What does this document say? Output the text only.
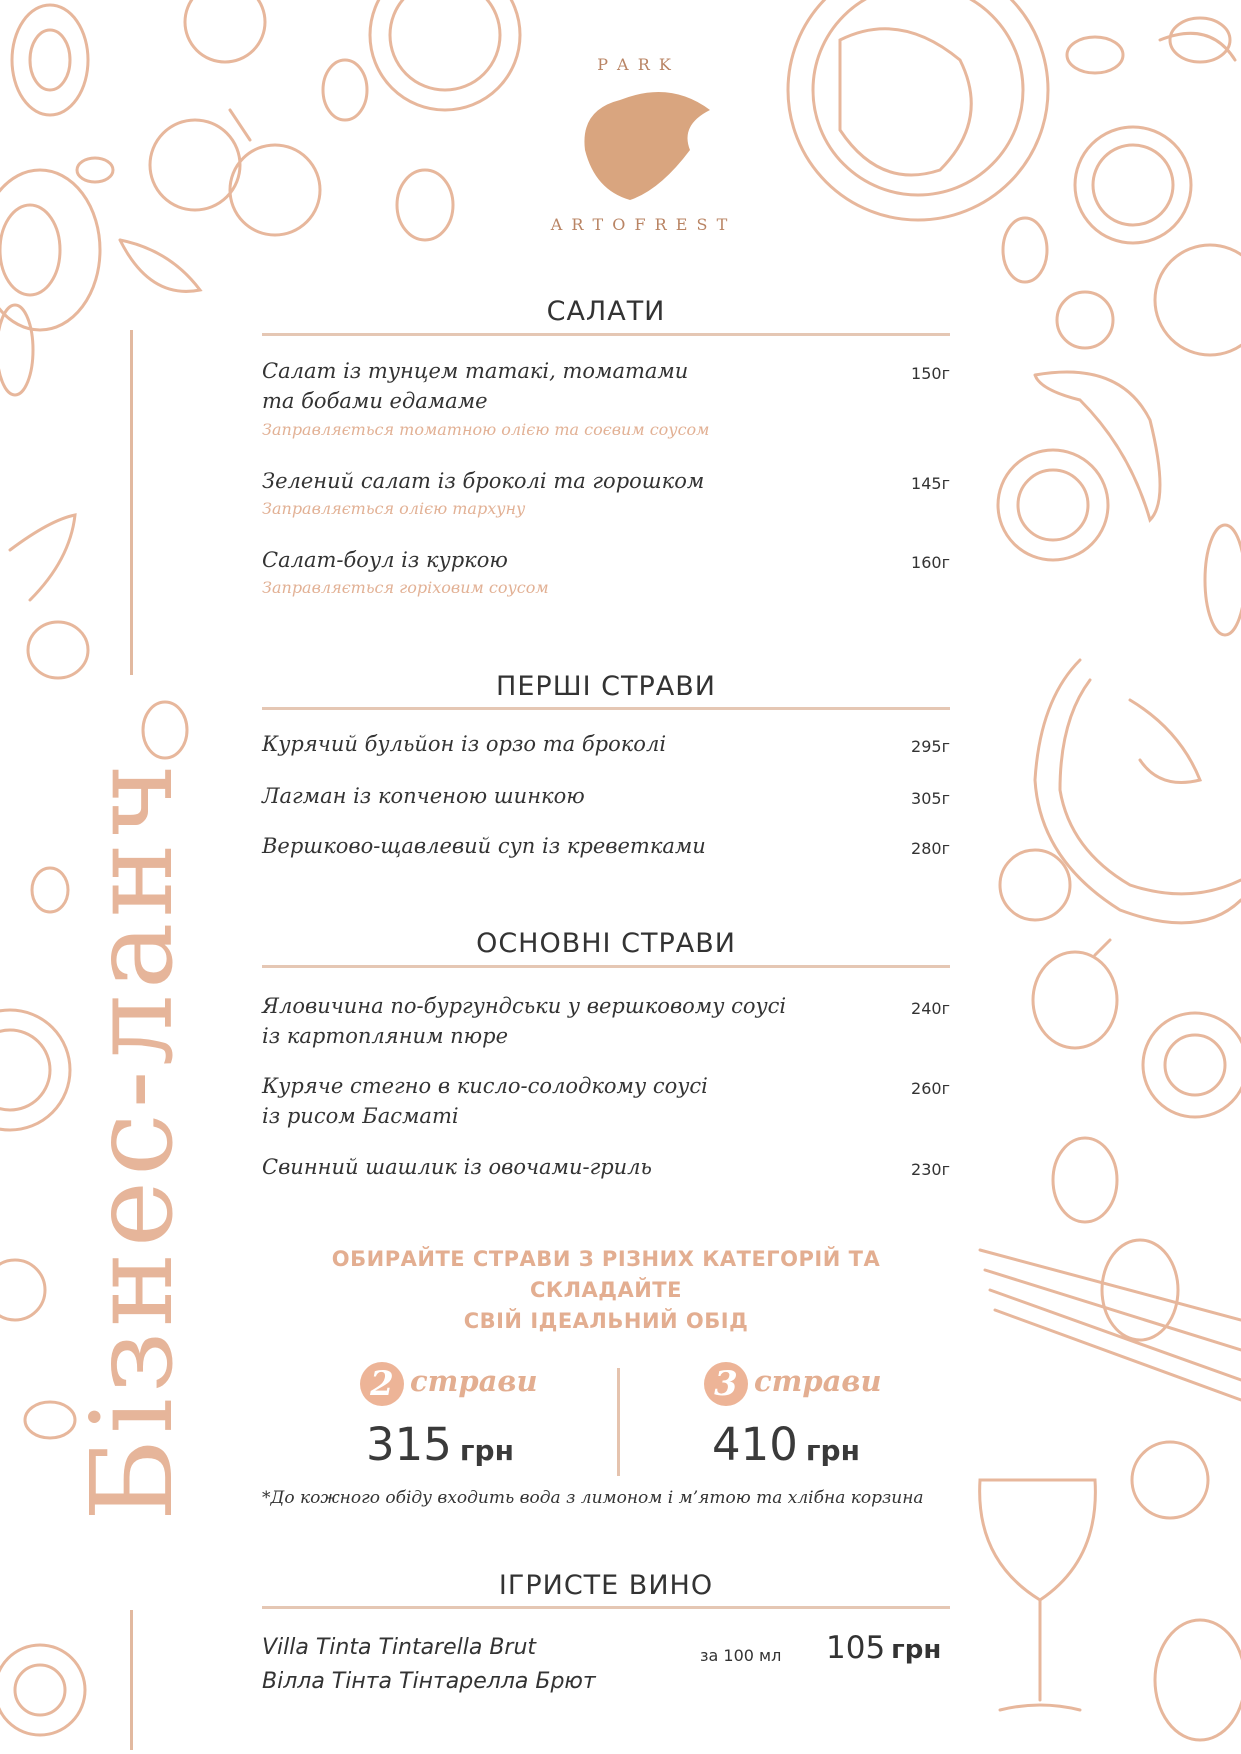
Бізнес-ланч
P A R K
A R T O F R E S T
САЛАТИ
Салат із тунцем татакі, томатами
та бобами едамаме
150г
Заправляється томатною олією та соєвим соусом
Зелений салат із броколі та горошком	145г
Заправляється олією тархуну
Салат-боул із куркою	160г
Заправляється горіховим соусом
ПЕРШІ СТРАВИ
Курячий бульйон із орзо та броколі	295г
Лагман із копченою шинкою	305г
Вершково-щавлевий суп із креветками	280г
ОСНОВНІ СТРАВИ
Яловичина по-бургундськи у вершковому соусі
із картопляним пюре
240г
Куряче стегно в кисло-солодкому соусі
із рисом Басматі
260г
Свинний шашлик із овочами-гриль	230г
ОБИРАЙТЕ СТРАВИ З РІЗНИХ КАТЕГОРІЙ ТА СКЛАДАЙТЕ
СВІЙ ІДЕАЛЬНИЙ ОБІД
2 страви
315 грн
3 страви
410 грн
*До кожного обіду входить вода з лимоном і м’ятою та хлібна корзина
ІГРИСТЕ ВИНО
Villa Tinta Tintarella Brut
Вілла Тінта Тінтарелла Брют
за 100 мл 105 грн
